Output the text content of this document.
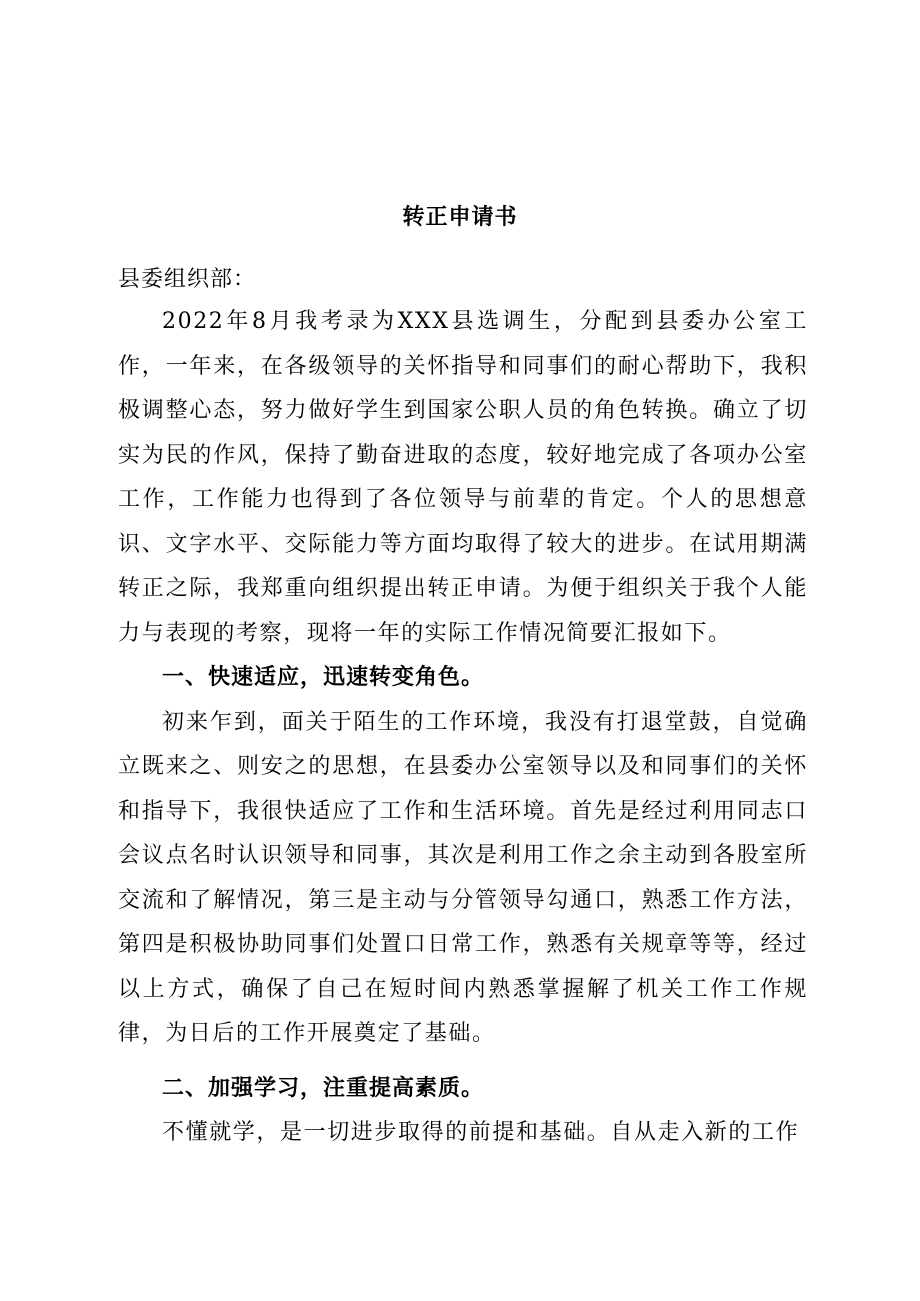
转正申请书
县委组织部：

2022年8月我考录为XXX县选调生，分配到县委办公室工作，一年来，在各级领导的关怀指导和同事们的耐心帮助下，我积极调整心态，努力做好学生到国家公职人员的角色转换。确立了切实为民的作风，保持了勤奋进取的态度，较好地完成了各项办公室工作，工作能力也得到了各位领导与前辈的肯定。个人的思想意识、文字水平、交际能力等方面均取得了较大的进步。在试用期满转正之际，我郑重向组织提出转正申请。为便于组织关于我个人能力与表现的考察，现将一年的实际工作情况简要汇报如下。

一、快速适应，迅速转变角色。

初来乍到，面关于陌生的工作环境，我没有打退堂鼓，自觉确立既来之、则安之的思想，在县委办公室领导以及和同事们的关怀和指导下，我很快适应了工作和生活环境。首先是经过利用同志口会议点名时认识领导和同事，其次是利用工作之余主动到各股室所交流和了解情况，第三是主动与分管领导勾通口，熟悉工作方法，第四是积极协助同事们处置口日常工作，熟悉有关规章等等，经过以上方式，确保了自己在短时间内熟悉掌握解了机关工作工作规律，为日后的工作开展奠定了基础。

二、加强学习，注重提高素质。

不懂就学，是一切进步取得的前提和基础。自从走入新的工作
